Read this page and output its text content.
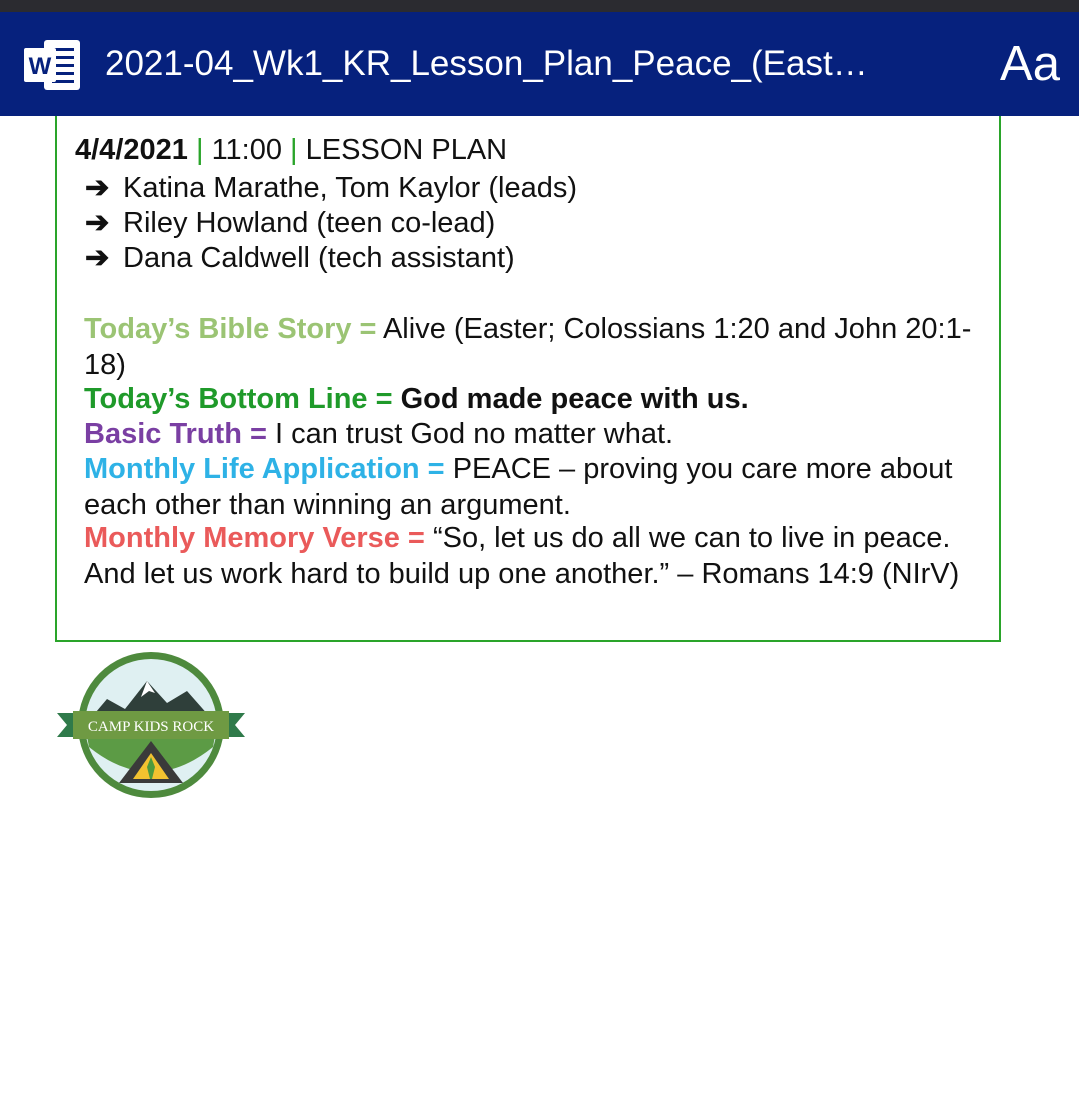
W 2021-04_Wk1_KR_Lesson_Plan_Peace_(East…	Aa
4/4/2021 | 11:00 | LESSON PLAN
➔ Katina Marathe, Tom Kaylor (leads)
➔ Riley Howland (teen co-lead)
➔ Dana Caldwell (tech assistant)
Today’s Bible Story = Alive (Easter; Colossians 1:20 and John 20:1-18)
Today’s Bottom Line = God made peace with us.
Basic Truth = I can trust God no matter what.
Monthly Life Application = PEACE – proving you care more about each other than winning an argument.
Monthly Memory Verse = “So, let us do all we can to live in peace. And let us work hard to build up one another.” – Romans 14:9 (NIrV)
CAMP KIDS ROCK
